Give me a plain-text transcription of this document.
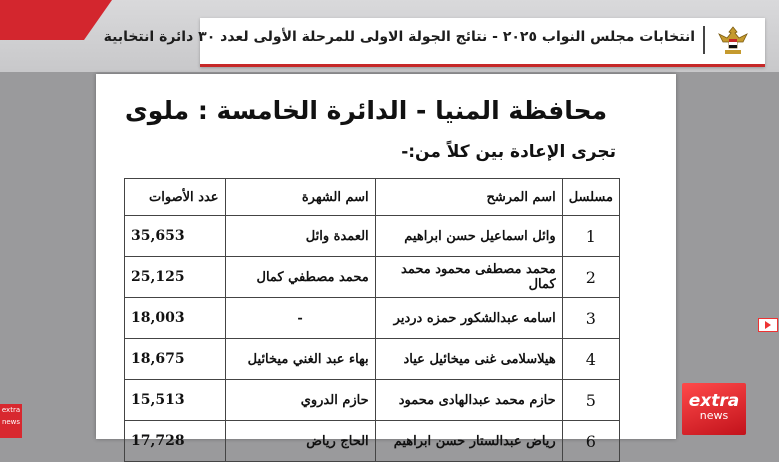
انتخابات مجلس النواب ٢٠٢٥ - نتائج الجولة الاولى للمرحلة الأولى لعدد ٣٠ دائرة انتخابية
محافظة المنيا - الدائرة الخامسة : ملوى
تجرى الإعادة بين كلاً من:-
مسلسل	اسم المرشح	اسم الشهرة	عدد الأصوات
1	وائل اسماعيل حسن ابراهيم	العمدة وائل	35,653
2	محمد مصطفى محمود محمد كمال	محمد مصطفي كمال	25,125
3	اسامه عبدالشكور حمزه دردير	-	18,003
4	هيلاسلامى غنى ميخائيل عياد	بهاء عبد الغني ميخائيل	18,675
5	حازم محمد عبدالهادى محمود	حازم الدروي	15,513
6	رياض عبدالستار حسن ابراهيم	الحاج رياض	17,728
extra
news
extra
news
